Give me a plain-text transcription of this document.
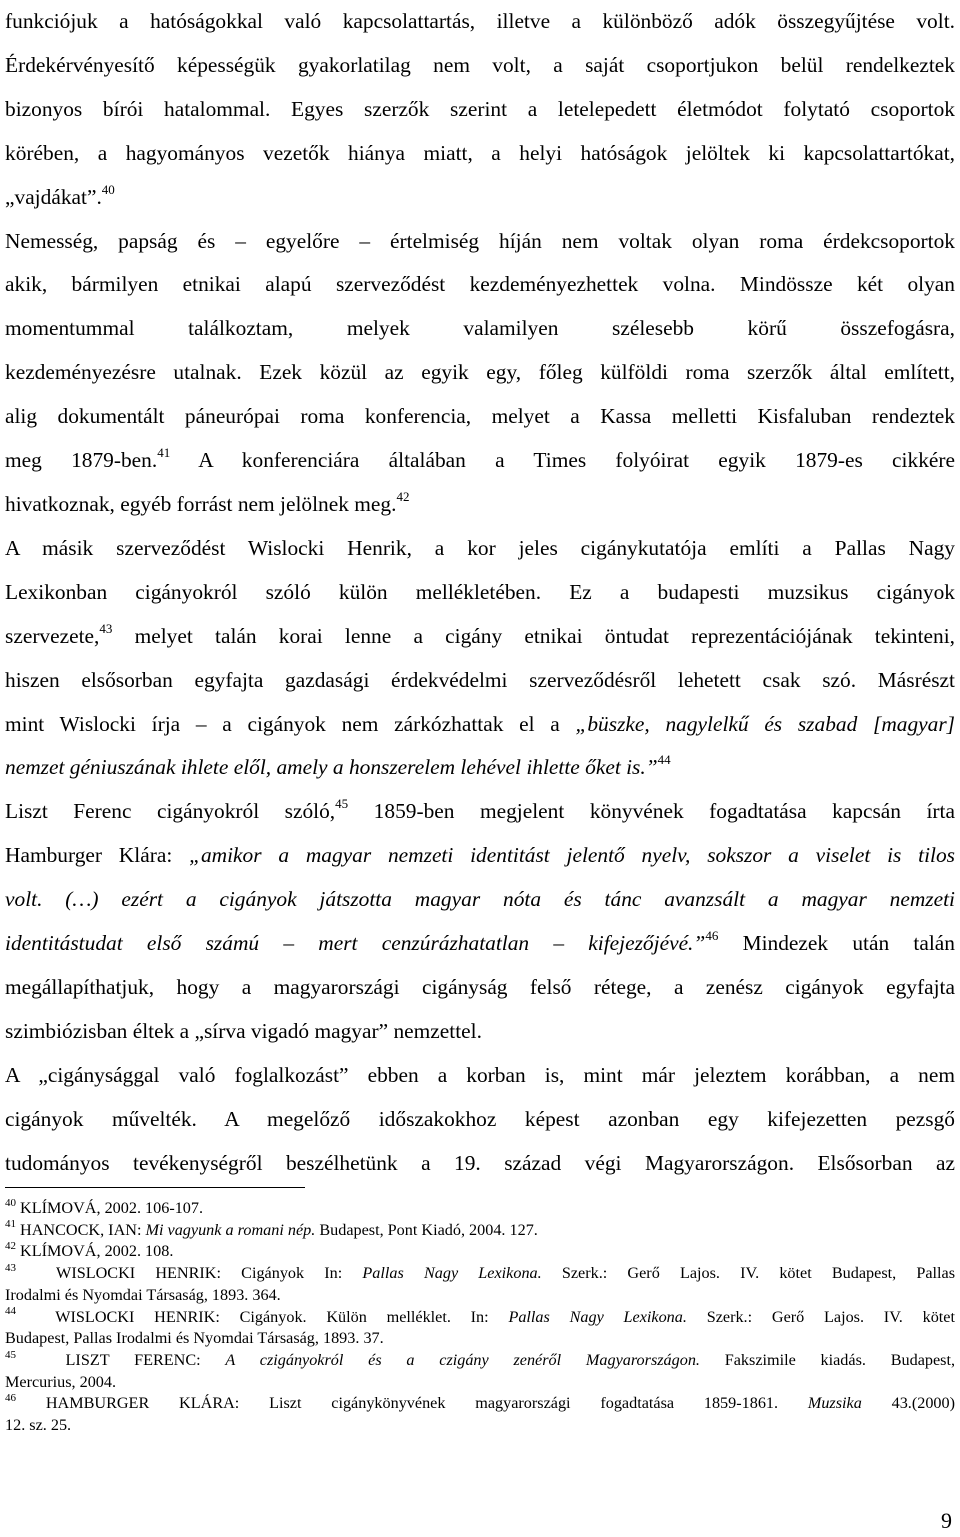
funkciójuk a hatóságokkal való kapcsolattartás, illetve a különböző adók összegyűjtése volt.
Érdekérvényesítő képességük gyakorlatilag nem volt, a saját csoportjukon belül rendelkeztek
bizonyos bírói hatalommal. Egyes szerzők szerint a letelepedett életmódot folytató csoportok
körében, a hagyományos vezetők hiánya miatt, a helyi hatóságok jelöltek ki kapcsolattartókat,
„vajdákat”.$^{40}$

Nemesség, papság és – egyelőre – értelmiség híján nem voltak olyan roma érdekcsoportok
akik, bármilyen etnikai alapú szerveződést kezdeményezhettek volna. Mindössze két olyan
momentummal találkoztam, melyek valamilyen szélesebb körű összefogásra,
kezdeményezésre utalnak. Ezek közül az egyik egy, főleg külföldi roma szerzők által említett,
alig dokumentált páneurópai roma konferencia, melyet a Kassa melletti Kisfaluban rendeztek
meg 1879-ben.$^{41}$ A konferenciára általában a Times folyóirat egyik 1879-es cikkére
hivatkoznak, egyéb forrást nem jelölnek meg.$^{42}$

A másik szerveződést Wislocki Henrik, a kor jeles cigánykutatója említi a Pallas Nagy
Lexikonban cigányokról szóló külön mellékletében. Ez a budapesti muzsikus cigányok
szervezete,$^{43}$ melyet talán korai lenne a cigány etnikai öntudat reprezentációjának tekinteni,
hiszen elsősorban egyfajta gazdasági érdekvédelmi szerveződésről lehetett csak szó. Másrészt
mint Wislocki írja – a cigányok nem zárkózhattak el a „büszke, nagylelkű és szabad [magyar]
nemzet géniuszának ihlete elől, amely a honszerelem lehével ihlette őket is.”$^{44}$

Liszt Ferenc cigányokról szóló,$^{45}$ 1859-ben megjelent könyvének fogadtatása kapcsán írta
Hamburger Klára: „amikor a magyar nemzeti identitást jelentő nyelv, sokszor a viselet is tilos
volt. (…) ezért a cigányok játszotta magyar nóta és tánc avanzsált a magyar nemzeti
identitástudat első számú – mert cenzúrázhatatlan – kifejezőjévé.”$^{46}$ Mindezek után talán
megállapíthatjuk, hogy a magyarországi cigányság felső rétege, a zenész cigányok egyfajta
szimbiózisban éltek a „sírva vigadó magyar” nemzettel.

A „cigánysággal való foglalkozást” ebben a korban is, mint már jeleztem korábban, a nem
cigányok művelték. A megelőző időszakokhoz képest azonban egy kifejezetten pezsgő
tudományos tevékenységről beszélhetünk a 19. század végi Magyarországon. Elsősorban az

$^{40}$ KLÍMOVÁ, 2002. 106-107.
$^{41}$ HANCOCK, IAN: Mi vagyunk a romani nép. Budapest, Pont Kiadó, 2004. 127.
$^{42}$ KLÍMOVÁ, 2002. 108.
$^{43}$ WISLOCKI HENRIK: Cigányok In: Pallas Nagy Lexikona. Szerk.: Gerő Lajos. IV. kötet Budapest, Pallas
Irodalmi és Nyomdai Társaság, 1893. 364.
$^{44}$ WISLOCKI HENRIK: Cigányok. Külön melléklet. In: Pallas Nagy Lexikona. Szerk.: Gerő Lajos. IV. kötet
Budapest, Pallas Irodalmi és Nyomdai Társaság, 1893. 37.
$^{45}$	LISZT FERENC: A czigányokról és a czigány zenéről Magyarországon. Fakszimile kiadás. Budapest,
Mercurius, 2004.
$^{46}$ HAMBURGER KLÁRA: Liszt cigánykönyvének magyarországi fogadtatása 1859-1861. Muzsika 43.(2000)
12. sz. 25.
9
